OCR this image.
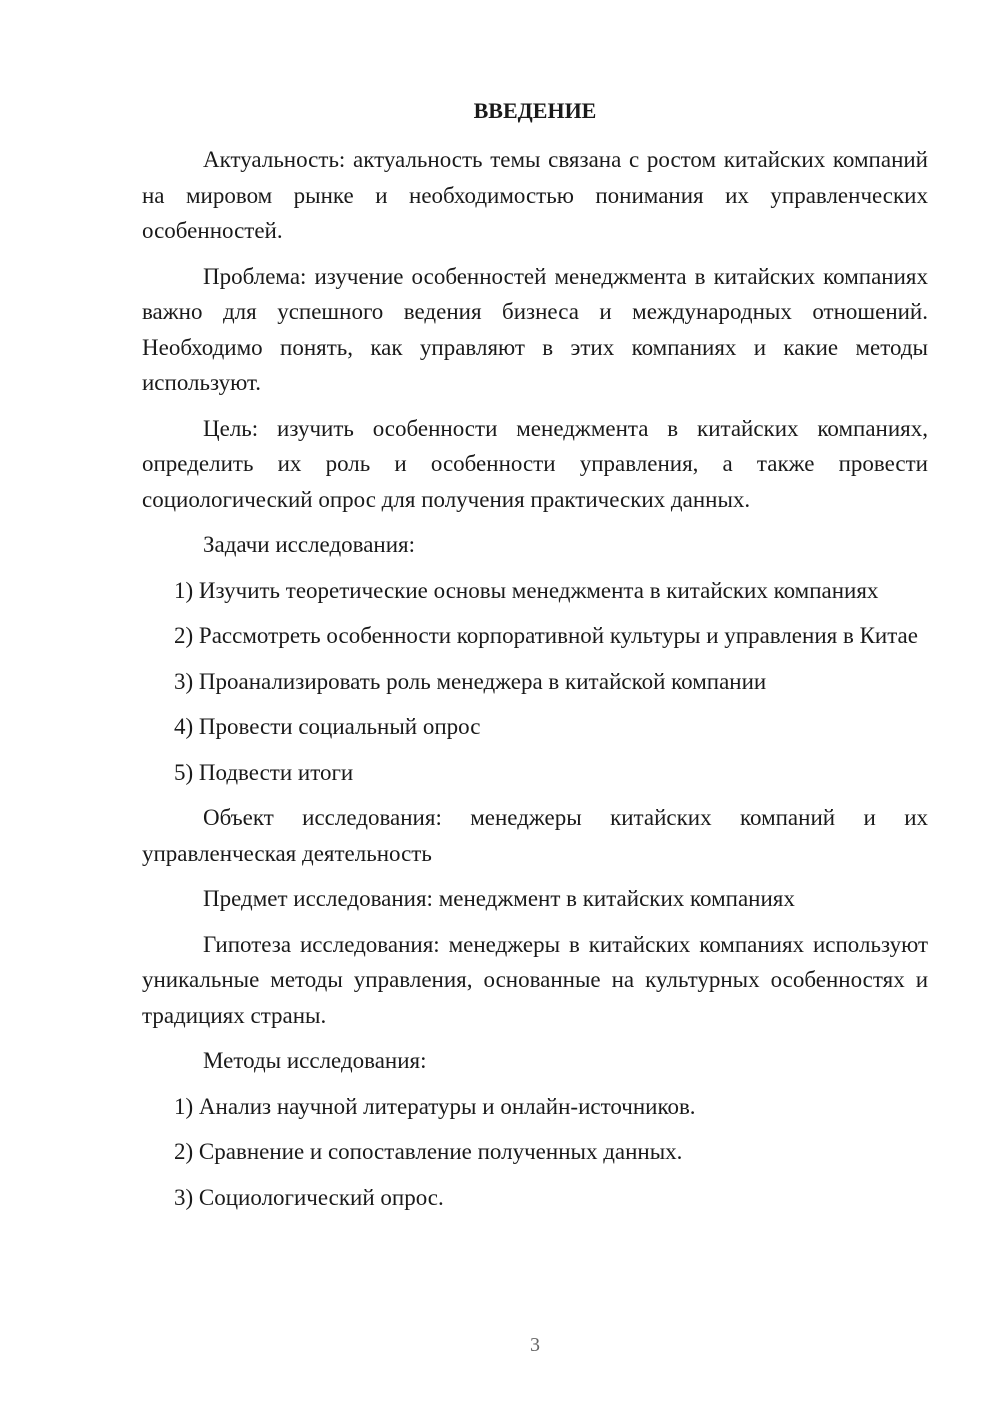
ВВЕДЕНИЕ

Актуальность: актуальность темы связана с ростом китайских компаний на мировом рынке и необходимостью понимания их управленческих особенностей.

Проблема: изучение особенностей менеджмента в китайских компаниях важно для успешного ведения бизнеса и международных отношений. Необходимо понять, как управляют в этих компаниях и какие методы используют.

Цель: изучить особенности менеджмента в китайских компаниях, определить их роль и особенности управления, а также провести социологический опрос для получения практических данных.

Задачи исследования:

1) Изучить теоретические основы менеджмента в китайских компаниях

2) Рассмотреть особенности корпоративной культуры и управления в Китае

3) Проанализировать роль менеджера в китайской компании

4) Провести социальный опрос

5) Подвести итоги

Объект исследования: менеджеры китайских компаний и их управленческая деятельность

Предмет исследования: менеджмент в китайских компаниях

Гипотеза исследования: менеджеры в китайских компаниях используют уникальные методы управления, основанные на культурных особенностях и традициях страны.

Методы исследования:

1) Анализ научной литературы и онлайн-источников.

2) Сравнение и сопоставление полученных данных.

3) Социологический опрос.

3
